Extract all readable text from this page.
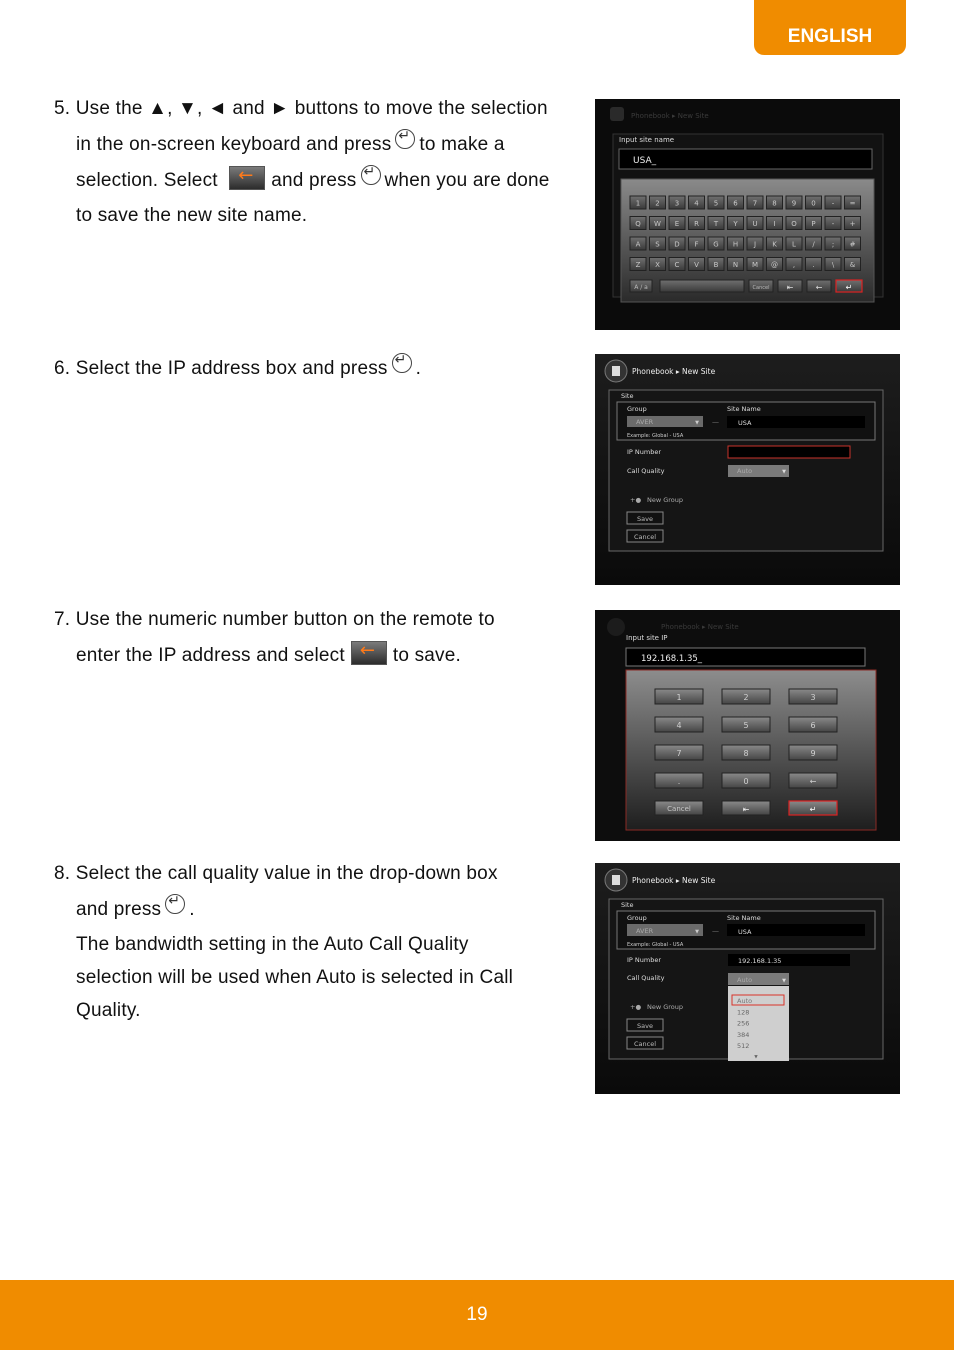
ENGLISH
5.
Use the ▲, ▼, ◄ and ► buttons to move the selection
in the on-screen keyboard and press ↵ to make a
selection. Select
←	and press ↵ when you are done
to save the new site name.
6.
Select the IP address box and press ↵ .
7.
Use the numeric number button on the remote to
enter the IP address and select ←	to save.
8.
Select the call quality value in the drop-down box
and press ↵ .
The bandwidth setting in the Auto Call Quality
selection will be used when Auto is selected in Call
Quality.
Phonebook ▸ New Site
Input site name
USA_
1 2 3 4 5 6 7 8 9 0 - =
Q W E R T Y U I O P - +
A S D F G H J K L / ; #
Z X C V B N M @ , . \ &
A / a	Cancel ⇤	←	↵
Phonebook ▸ New Site
Site
Group	Site Name
AVER	▼ —	USA
Example: Global - USA
IP Number
Call Quality	Auto	▼
+● New Group
Save
Cancel
Phonebook ▸ New Site
Input site IP
192.168.1.35_
1	2	3
4	5	6
7	8	9
.	0	←
Cancel	⇤	↵
Phonebook ▸ New Site
Site
Group	Site Name
AVER	▼ —	USA
Example: Global - USA
IP Number	192.168.1.35
Call Quality	Auto	▼
Auto
128
256
384
512
▼
+● New Group
Save
Cancel
19
